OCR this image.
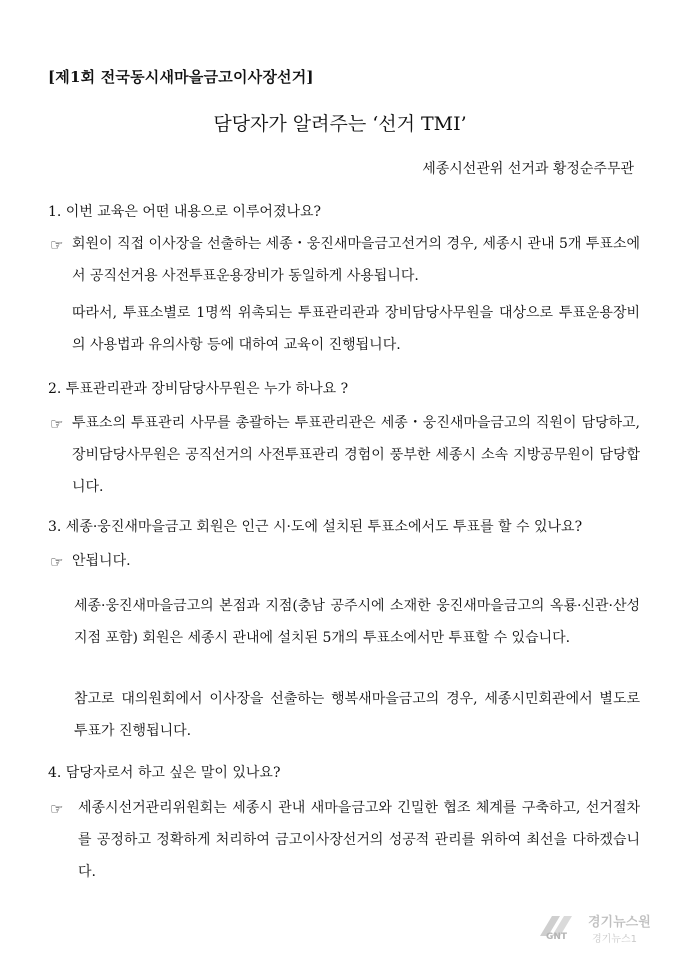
[제1회 전국동시새마을금고이사장선거]
담당자가 알려주는 ‘선거 TMI’
세종시선관위 선거과 황정순주무관
1. 이번 교육은 어떤 내용으로 이루어졌나요?
☞ 회원이 직접 이사장을 선출하는 세종・웅진새마을금고선거의 경우, 세종시 관내 5개 투표소에서 공직선거용 사전투표운용장비가 동일하게 사용됩니다.
따라서, 투표소별로 1명씩 위촉되는 투표관리관과 장비담당사무원을 대상으로 투표운용장비의 사용법과 유의사항 등에 대하여 교육이 진행됩니다.
2. 투표관리관과 장비담당사무원은 누가 하나요 ?
☞ 투표소의 투표관리 사무를 총괄하는 투표관리관은 세종・웅진새마을금고의 직원이 담당하고, 장비담당사무원은 공직선거의 사전투표관리 경험이 풍부한 세종시 소속 지방공무원이 담당합니다.
3. 세종·웅진새마을금고 회원은 인근 시·도에 설치된 투표소에서도 투표를 할 수 있나요?
☞ 안됩니다.
세종·웅진새마을금고의 본점과 지점(충남 공주시에 소재한 웅진새마을금고의 옥룡·신관·산성지점 포함) 회원은 세종시 관내에 설치된 5개의 투표소에서만 투표할 수 있습니다.
참고로 대의원회에서 이사장을 선출하는 행복새마을금고의 경우, 세종시민회관에서 별도로 투표가 진행됩니다.
4. 담당자로서 하고 싶은 말이 있나요?
☞ 세종시선거관리위원회는 세종시 관내 새마을금고와 긴밀한 협조 체계를 구축하고, 선거절차를 공정하고 정확하게 처리하여 금고이사장선거의 성공적 관리를 위하여 최선을 다하겠습니다.
GNT
경기뉴스원
경기뉴스1
